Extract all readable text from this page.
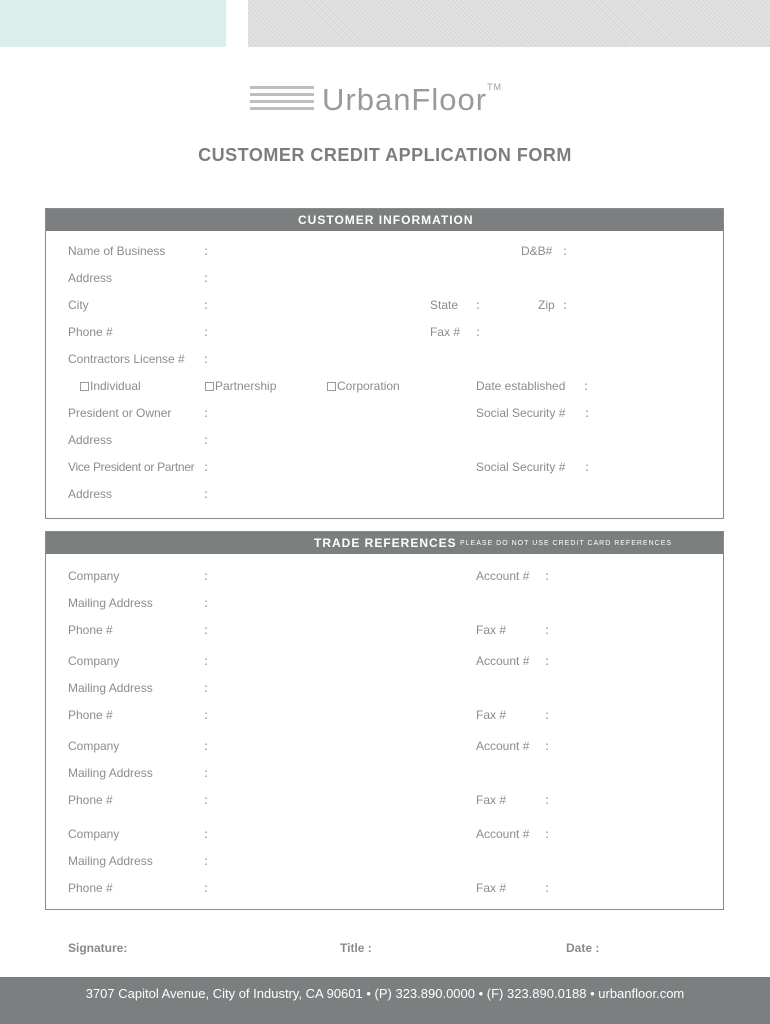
UrbanFloor™
CUSTOMER CREDIT APPLICATION FORM
CUSTOMER INFORMATION
Name of Business	:	D&B# :
Address	:
City	:	State :	Zip :
Phone #	:	Fax # :
Contractors License # :
Individual	Partnership	Corporation	Date established :
President or Owner	:	Social Security # :
Address	:
Vice President or Partner :	Social Security # :
Address	:
TRADE REFERENCES PLEASE DO NOT USE CREDIT CARD REFERENCES
Company	:	Account # :
Mailing Address	:
Phone #	:	Fax #	:
Company	:	Account # :
Mailing Address	:
Phone #	:	Fax #	:
Company	:	Account # :
Mailing Address	:
Phone #	:	Fax #	:
Company	:	Account # :
Mailing Address	:
Phone #	:	Fax #	:
Signature:	Title :	Date :
3707 Capitol Avenue, City of Industry, CA 90601 • (P) 323.890.0000 • (F) 323.890.0188 • urbanfloor.com
